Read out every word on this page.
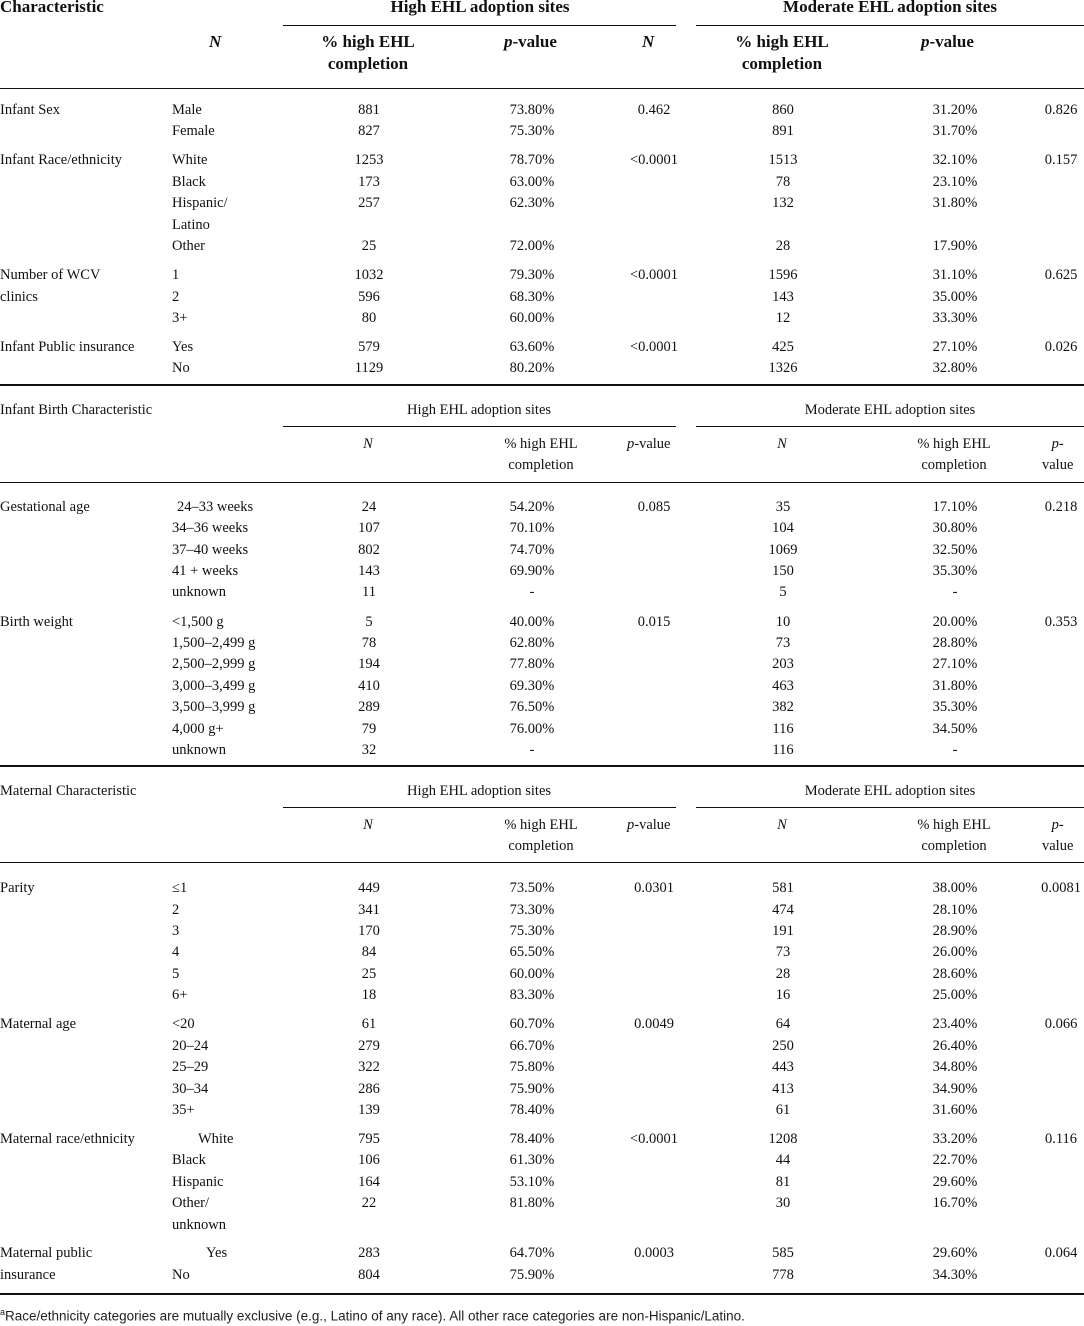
Characteristic	High EHL adoption sites	Moderate EHL adoption sites
N	% high EHL
completion
p-value	N	% high EHL
completion
p-value
Infant Sex	Male	881	73.80%	0.462	860	31.20%	0.826
Female	827	75.30%	891	31.70%
Infant Race/ethnicity	White	1253	78.70%	<0.0001	1513	32.10%	0.157
Black	173	63.00%	78	23.10%
Hispanic/	257	62.30%	132	31.80%
Latino
Other	25	72.00%	28	17.90%
Number of WCV	1	1032	79.30%	<0.0001	1596	31.10%	0.625
clinics	2	596	68.30%	143	35.00%
3+	80	60.00%	12	33.30%
Infant Public insurance	Yes	579	63.60%	<0.0001	425	27.10%	0.026
No	1129	80.20%	1326	32.80%
Infant Birth Characteristic	High EHL adoption sites	Moderate EHL adoption sites
N	% high EHL
completion
p-value	N	% high EHL
completion
p-
value
Gestational age	24–33 weeks	24	54.20%	0.085	35	17.10%	0.218
34–36 weeks	107	70.10%	104	30.80%
37–40 weeks	802	74.70%	1069	32.50%
41 + weeks	143	69.90%	150	35.30%
unknown	11	-	5	-
Birth weight	<1,500 g	5	40.00%	0.015	10	20.00%	0.353
1,500–2,499 g	78	62.80%	73	28.80%
2,500–2,999 g	194	77.80%	203	27.10%
3,000–3,499 g	410	69.30%	463	31.80%
3,500–3,999 g	289	76.50%	382	35.30%
4,000 g+	79	76.00%	116	34.50%
unknown	32	-	116	-
Maternal Characteristic	High EHL adoption sites	Moderate EHL adoption sites
N	% high EHL
completion
p-value	N	% high EHL
completion
p-
value
Parity	≤1	449	73.50%	0.0301	581	38.00%	0.0081
2	341	73.30%	474	28.10%
3	170	75.30%	191	28.90%
4	84	65.50%	73	26.00%
5	25	60.00%	28	28.60%
6+	18	83.30%	16	25.00%
Maternal age	<20	61	60.70%	0.0049	64	23.40%	0.066
20–24	279	66.70%	250	26.40%
25–29	322	75.80%	443	34.80%
30–34	286	75.90%	413	34.90%
35+	139	78.40%	61	31.60%
Maternal race/ethnicity	White	795	78.40%	<0.0001	1208	33.20%	0.116
Black	106	61.30%	44	22.70%
Hispanic	164	53.10%	81	29.60%
Other/	22	81.80%	30	16.70%
unknown
Maternal public	Yes	283	64.70%	0.0003	585	29.60%	0.064
insurance	No	804	75.90%	778	34.30%
$^a$Race/ethnicity categories are mutually exclusive (e.g., Latino of any race). All other race categories are non-Hispanic/Latino.
